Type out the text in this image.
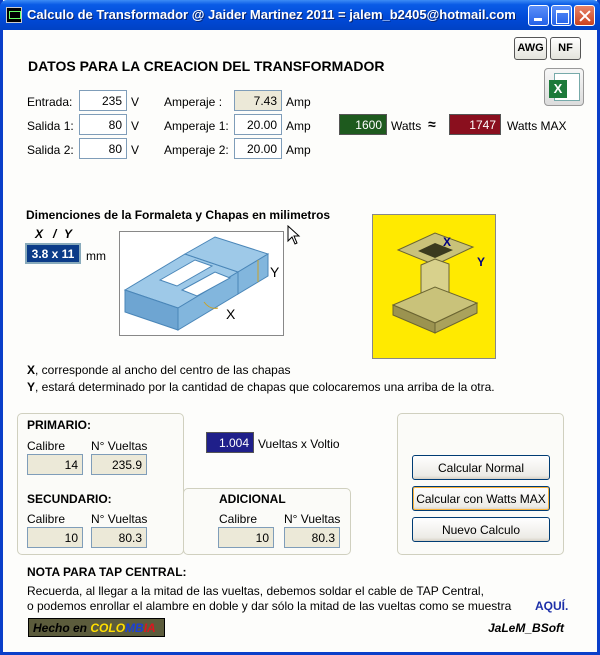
Calculo de Transformador @ Jaider Martinez 2011 = jalem_b2405@hotmail.com
AWG	NF
X
DATOS PARA LA CREACION DEL TRANSFORMADOR
Entrada:	235 V
Salida 1:	80 V
Salida 2:	80 V
Amperaje :	7.43 Amp
Amperaje 1:	20.00 Amp
Amperaje 2:	20.00 Amp
1600 Watts ≈	1747 Watts MAX
Dimenciones de la Formaleta y Chapas en milimetros
X / Y
3.8 x 11 mm
Y
X
X
Y
X, corresponde al ancho del centro de las chapas
Y, estará determinado por la cantidad de chapas que colocaremos una arriba de la otra.
PRIMARIO:
Calibre N° Vueltas
14	235.9
SECUNDARIO:
Calibre N° Vueltas
10	80.3
ADICIONAL
Calibre N° Vueltas
10	80.3
1.004 Vueltas x Voltio
Calcular Normal
Calcular con Watts MAX
Nuevo Calculo
NOTA PARA TAP CENTRAL:
Recuerda, al llegar a la mitad de las vueltas, debemos soldar el cable de TAP Central,
o podemos enrollar el alambre en doble y dar sólo la mitad de las vueltas como se muestra AQUÍ.
Hecho en COLOMBIA	JaLeM_BSoft
